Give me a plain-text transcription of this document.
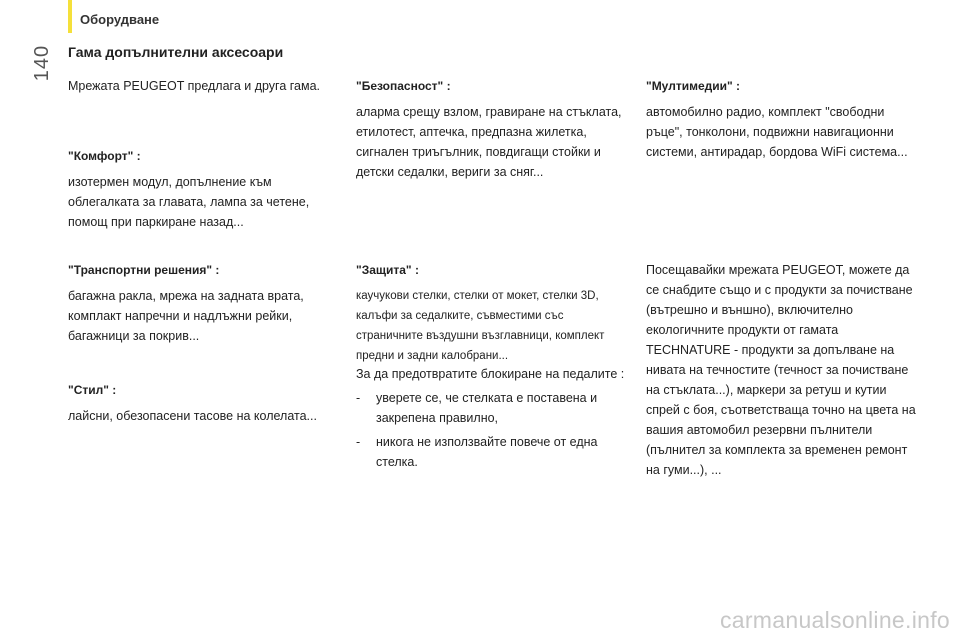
Оборудване
140 Гама допълнителни аксесоари

Мрежата PEUGEOT предлага и друга гама.

"Комфорт" :

изотермен модул, допълнение към облегалката за главата, лампа за четене, помощ при паркиране назад...

"Транспортни решения" :

багажна ракла, мрежа на задната врата, комплакт напречни и надлъжни рейки, багажници за покрив...

"Стил" :

лайсни, обезопасени тасове на колелата...

"Безопасност" :

аларма срещу взлом, гравиране на стъклата, етилотест, аптечка, предпазна жилетка, сигнален триъгълник, повдигащи стойки и детски седалки, вериги за сняг...

"Защита" :

каучукови стелки, стелки от мокет, стелки 3D, калъфи за седалките, съвместими със страничните въздушни възглавници, комплект предни и задни калобрани...

За да предотвратите блокиране на педалите :

- уверете се, че стелката е поставена и закрепена правилно,
- никога не използвайте повече от една стелка.

"Мултимедии" :

автомобилно радио, комплект "свободни ръце", тонколони, подвижни навигационни системи, антирадар, бордова WiFi система...

Посещавайки мрежата PEUGEOT, можете да се снабдите също и с продукти за почистване (вътрешно и външно), включително екологичните продукти от гамата TECHNATURE - продукти за допълване на нивата на течностите (течност за почистване на стъклата...), маркери за ретуш и кутии спрей с боя, съответстваща точно на цвета на вашия автомобил резервни пълнители (пълнител за комплекта за временен ремонт на гуми...), ...

carmanualsonline.info
